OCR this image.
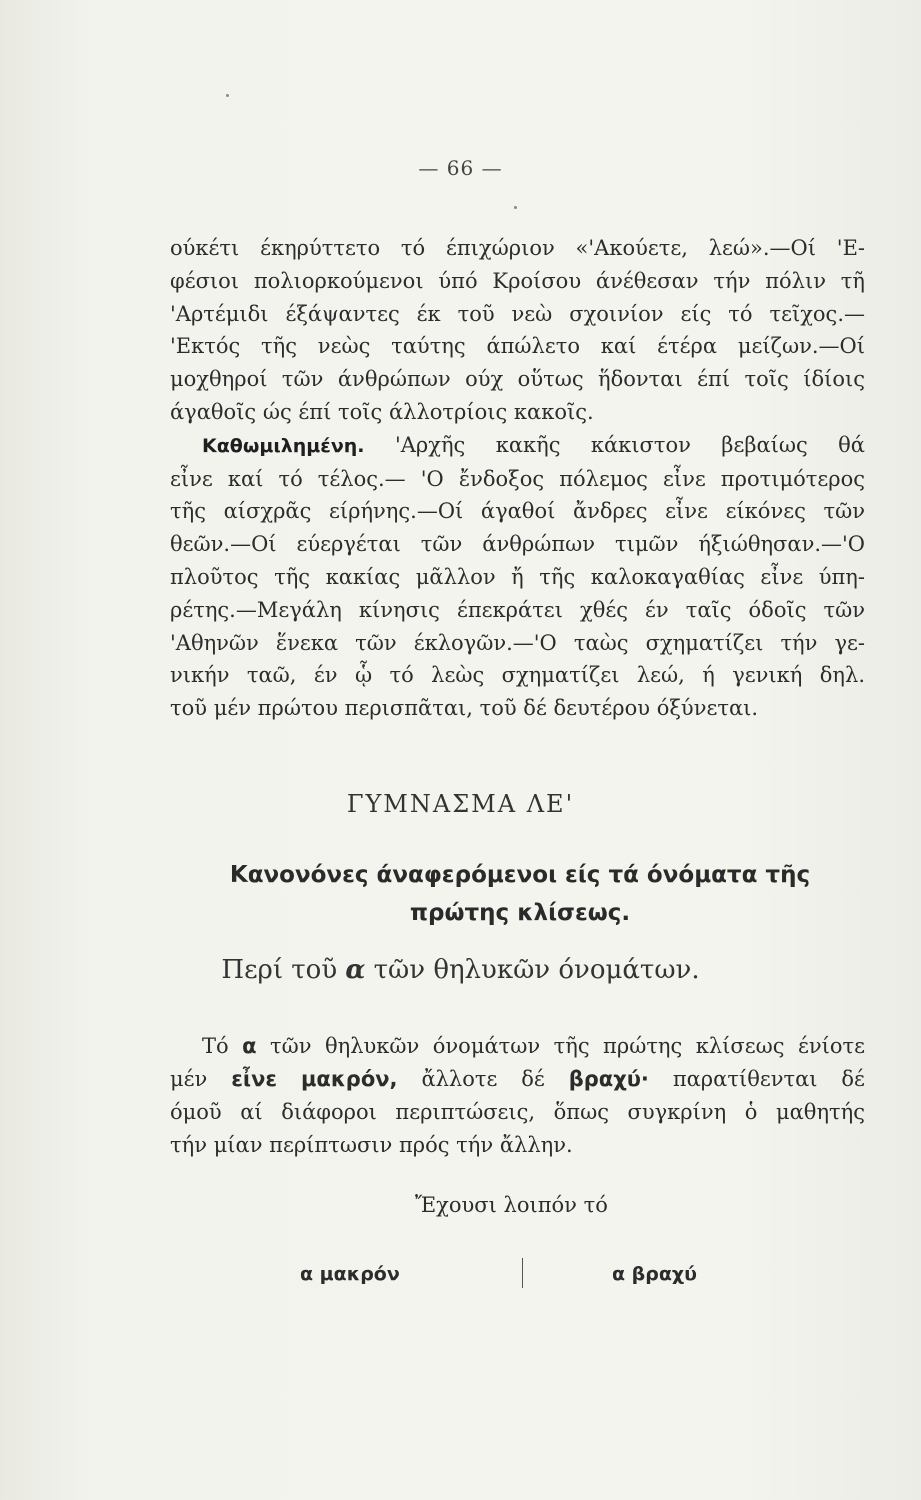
— 66 —
ούκέτι έκηρύττετο τό έπιχώριον «'Ακούετε, λεώ».—Οί 'Ε-
φέσιοι πολιορκούμενοι ύπό Κροίσου άνέθεσαν τήν πόλιν τῆ
'Αρτέμιδι έξάψαντες έκ τοῦ νεὼ σχοινίον είς τό τεῖχος.—
'Εκτός τῆς νεὼς ταύτης άπώλετο καί έτέρα μείζων.—Οί
μοχθηροί τῶν άνθρώπων ούχ οὕτως ἥδονται έπί τοῖς ίδίοις
άγαθοῖς ώς έπί τοῖς άλλοτρίοις κακοῖς.
Καθωμιλημένη. 'Αρχῆς κακῆς κάκιστον βεβαίως θά
εἶνε καί τό τέλος.— 'Ο ἔνδοξος πόλεμος εἶνε προτιμότερος
τῆς αίσχρᾶς είρήνης.—Οί άγαθοί ἄνδρες εἶνε είκόνες τῶν
θεῶν.—Οί εύεργέται τῶν άνθρώπων τιμῶν ήξιώθησαν.—'Ο
πλοῦτος τῆς κακίας μᾶλλον ἤ τῆς καλοκαγαθίας εἶνε ύπη-
ρέτης.—Μεγάλη κίνησις έπεκράτει χθές έν ταῖς όδοῖς τῶν
'Αθηνῶν ἕνεκα τῶν έκλογῶν.—'Ο ταὼς σχηματίζει τήν γε-
νικήν ταῶ, έν ᾧ τό λεὼς σχηματίζει λεώ, ή γενική δηλ.
τοῦ μέν πρώτου περισπᾶται, τοῦ δέ δευτέρου όξύνεται.
ΓΥΜΝΑΣΜΑ ΛΕ'
Κανονόνες άναφερόμενοι είς τά όνόματα τῆς
πρώτης κλίσεως.
Περί τοῦ α τῶν θηλυκῶν όνομάτων.
Τό α τῶν θηλυκῶν όνομάτων τῆς πρώτης κλίσεως ένίοτε
μέν εἶνε μακρόν, ἄλλοτε δέ βραχύ· παρατίθενται δέ
όμοῦ αί διάφοροι περιπτώσεις, ὅπως συγκρίνη ὁ μαθητής
τήν μίαν περίπτωσιν πρός τήν ἄλλην.
Ἔχουσι λοιπόν τό
α μακρόν	α βραχύ
